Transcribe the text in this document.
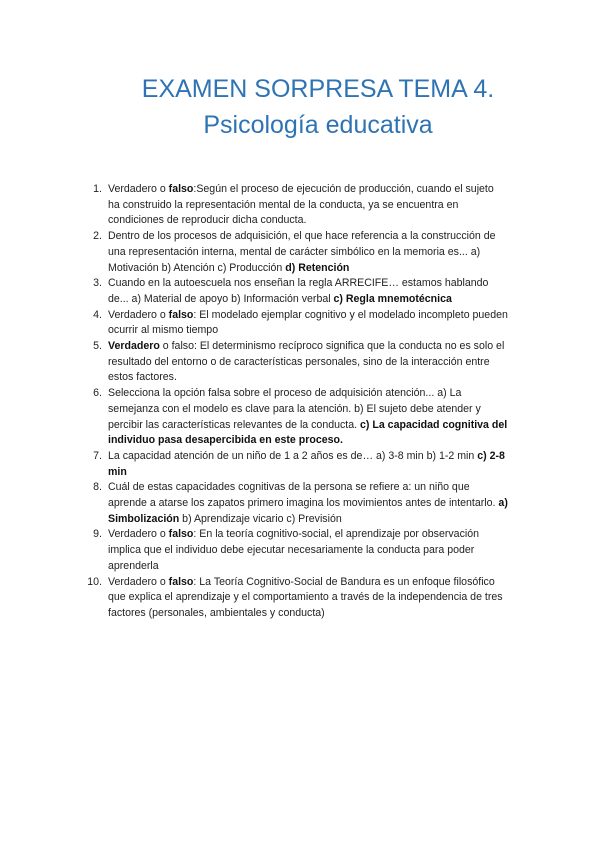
EXAMEN SORPRESA TEMA 4.
Psicología educativa
1. Verdadero o falso:Según el proceso de ejecución de producción, cuando el sujeto ha construido la representación mental de la conducta, ya se encuentra en condiciones de reproducir dicha conducta.
2. Dentro de los procesos de adquisición, el que hace referencia a la construcción de una representación interna, mental de carácter simbólico en la memoria es... a) Motivación b) Atención c) Producción d) Retención
3. Cuando en la autoescuela nos enseñan la regla ARRECIFE… estamos hablando de... a) Material de apoyo b) Información verbal c) Regla mnemotécnica
4. Verdadero o falso: El modelado ejemplar cognitivo y el modelado incompleto pueden ocurrir al mismo tiempo
5. Verdadero o falso: El determinismo recíproco significa que la conducta no es solo el resultado del entorno o de características personales, sino de la interacción entre estos factores.
6. Selecciona la opción falsa sobre el proceso de adquisición atención... a) La semejanza con el modelo es clave para la atención. b) El sujeto debe atender y percibir las características relevantes de la conducta. c) La capacidad cognitiva del individuo pasa desapercibida en este proceso.
7. La capacidad atención de un niño de 1 a 2 años es de… a) 3-8 min b) 1-2 min c) 2-8 min
8. Cuál de estas capacidades cognitivas de la persona se refiere a: un niño que aprende a atarse los zapatos primero imagina los movimientos antes de intentarlo. a) Simbolización b) Aprendizaje vicario c) Previsión
9. Verdadero o falso: En la teoría cognitivo-social, el aprendizaje por observación implica que el individuo debe ejecutar necesariamente la conducta para poder aprenderla
10. Verdadero o falso: La Teoría Cognitivo-Social de Bandura es un enfoque filosófico que explica el aprendizaje y el comportamiento a través de la independencia de tres factores (personales, ambientales y conducta)
